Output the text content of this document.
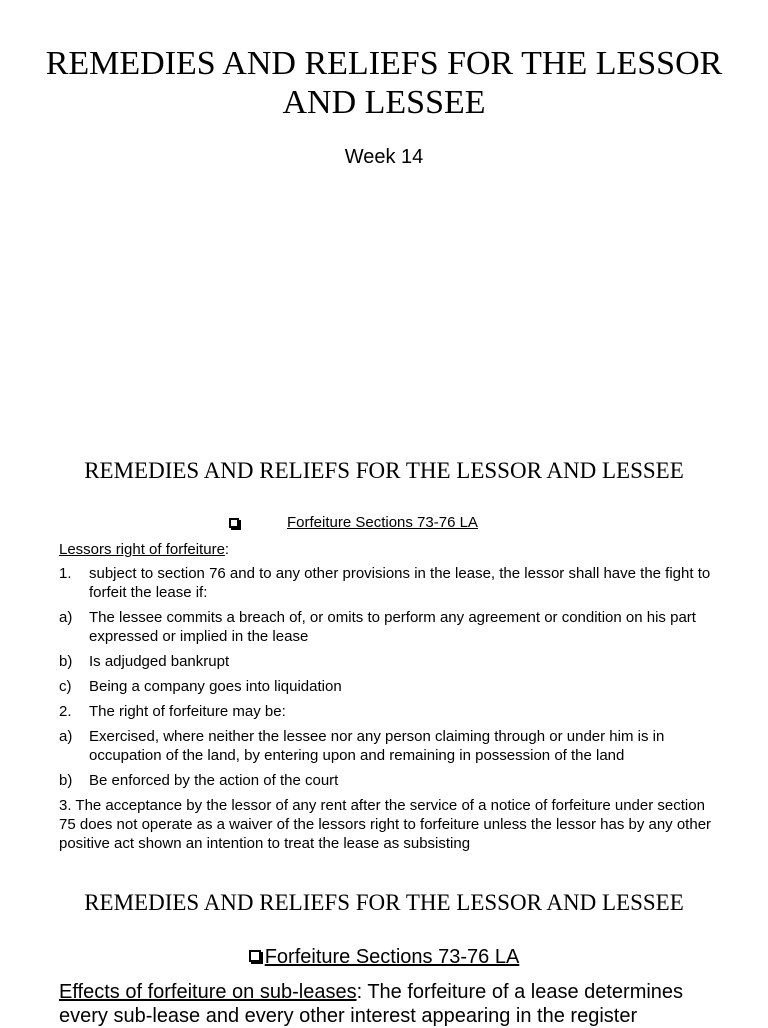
REMEDIES AND RELIEFS FOR THE LESSOR AND LESSEE
Week 14
REMEDIES AND RELIEFS FOR THE LESSOR AND LESSEE
Forfeiture Sections 73-76 LA

Lessors right of forfeiture:

1.	subject to section 76 and to any other provisions in the lease, the lessor shall have the fight to forfeit the lease if:
a)	The lessee commits a breach of, or omits to perform any agreement or condition on his part expressed or implied in the lease
b)	Is adjudged bankrupt
c)	Being a company goes into liquidation
2.	The right of forfeiture may be:
a)	Exercised, where neither the lessee nor any person claiming through or under him is in occupation of the land, by entering upon and remaining in possession of the land
b)	Be enforced by the action of the court

3. The acceptance by the lessor of any rent after the service of a notice of forfeiture under section 75 does not operate as a waiver of the lessors right to forfeiture unless the lessor has by any other positive act shown an intention to treat the lease as subsisting

REMEDIES AND RELIEFS FOR THE LESSOR AND LESSEE
Forfeiture Sections 73-76 LA
Effects of forfeiture on sub-leases: The forfeiture of a lease determines every sub-lease and every other interest appearing in the register
